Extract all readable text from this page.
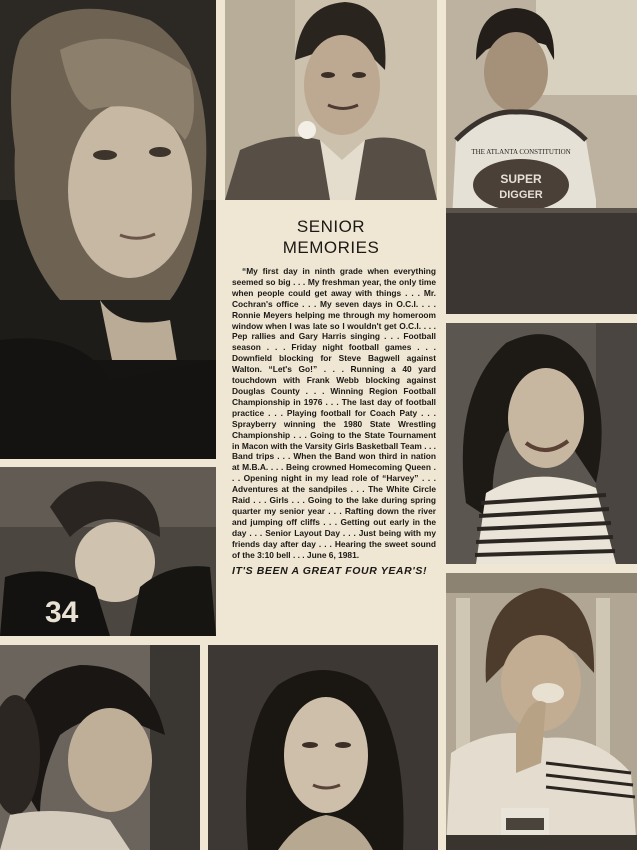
THE ATLANTA CONSTITUTION
SUPER
DIGGER
34
SENIOR
MEMORIES

“My first day in ninth grade when everything seemed so big . . . My freshman year, the only time when people could get away with things . . . Mr. Cochran's office . . . My seven days in O.C.I. . . . Ronnie Meyers helping me through my homeroom window when I was late so I wouldn't get O.C.I. . . . Pep rallies and Gary Harris singing . . . Football season . . . Friday night football games . . . Downfield blocking for Steve Bagwell against Walton. “Let's Go!” . . . Running a 40 yard touchdown with Frank Webb blocking against Douglas County . . . Winning Region Football Championship in 1976 . . . The last day of football practice . . . Playing football for Coach Paty . . . Sprayberry winning the 1980 State Wrestling Championship . . . Going to the State Tournament in Macon with the Varsity Girls Basketball Team . . . Band trips . . . When the Band won third in nation at M.B.A. . . . Being crowned Homecoming Queen . . . Opening night in my lead role of “Harvey” . . . Adventures at the sandpiles . . . The White Circle Raid . . . Girls . . . Going to the lake during spring quarter my senior year . . . Rafting down the river and jumping off cliffs . . . Getting out early in the day . . . Senior Layout Day . . . Just being with my friends day after day . . . Hearing the sweet sound of the 3:10 bell . . . June 6, 1981.

IT'S BEEN A GREAT FOUR YEAR'S!
